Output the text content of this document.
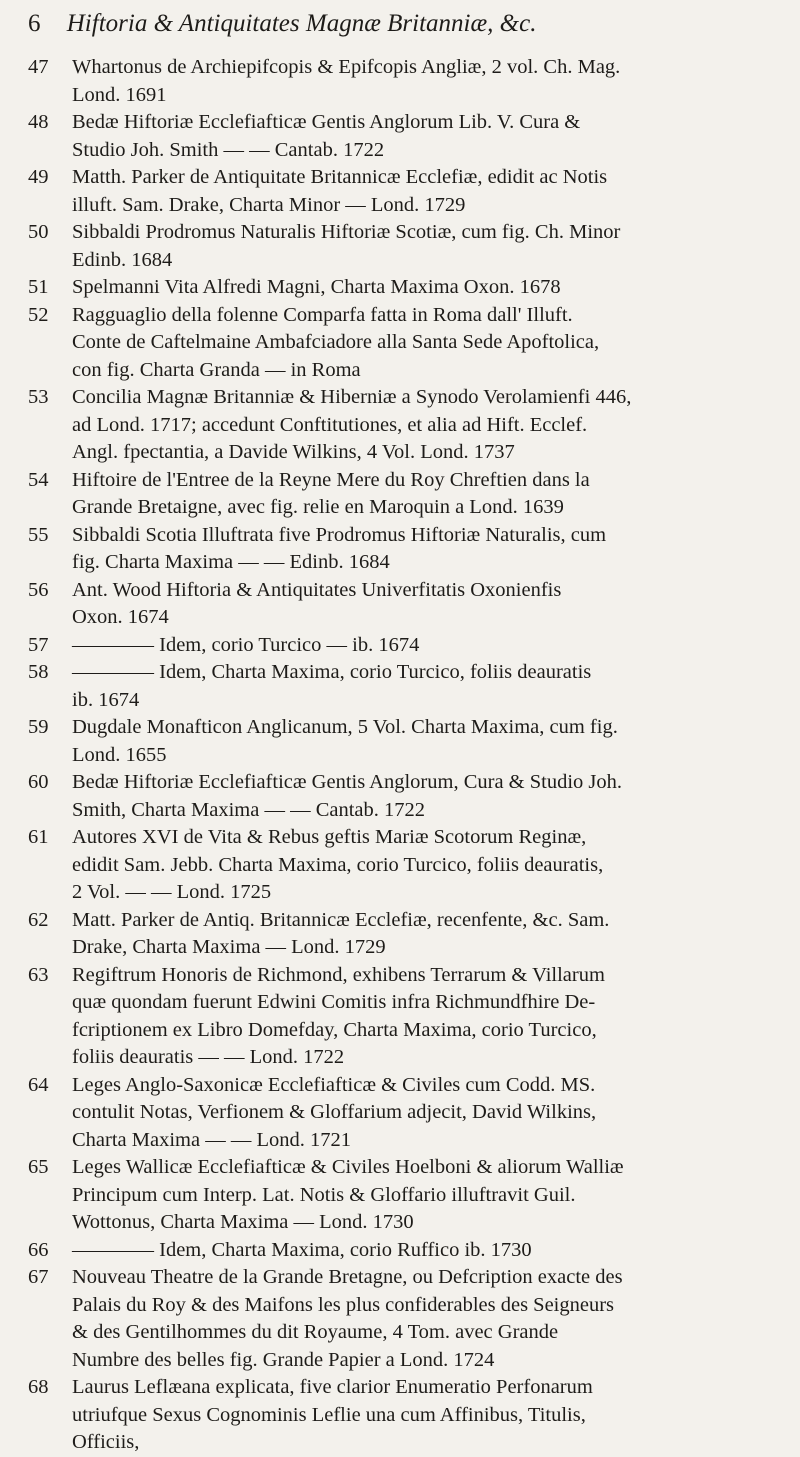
6 Hiftoria & Antiquitates Magnæ Britanniæ, &c.
47	Whartonus de Archiepifcopis & Epifcopis Angliæ, 2 vol. Ch. Mag.
Lond. 1691
48	Bedæ Hiftoriæ Ecclefiafticæ Gentis Anglorum Lib. V. Cura &
Studio Joh. Smith — — Cantab. 1722
49	Matth. Parker de Antiquitate Britannicæ Ecclefiæ, edidit ac Notis
illuft. Sam. Drake, Charta Minor — Lond. 1729
50	Sibbaldi Prodromus Naturalis Hiftoriæ Scotiæ, cum fig. Ch. Minor
Edinb. 1684
51	Spelmanni Vita Alfredi Magni, Charta Maxima Oxon. 1678
52	Ragguaglio della folenne Comparfa fatta in Roma dall' Illuft.
Conte de Caftelmaine Ambafciadore alla Santa Sede Apoftolica,
con fig. Charta Granda — in Roma
53	Concilia Magnæ Britanniæ & Hiberniæ a Synodo Verolamienfi 446,
ad Lond. 1717; accedunt Conftitutiones, et alia ad Hift. Ecclef.
Angl. fpectantia, a Davide Wilkins, 4 Vol. Lond. 1737
54	Hiftoire de l'Entree de la Reyne Mere du Roy Chreftien dans la
Grande Bretaigne, avec fig. relie en Maroquin a Lond. 1639
55	Sibbaldi Scotia Illuftrata five Prodromus Hiftoriæ Naturalis, cum
fig. Charta Maxima — — Edinb. 1684
56	Ant. Wood Hiftoria & Antiquitates Univerfitatis Oxonienfis
Oxon. 1674
57	———— Idem, corio Turcico — ib. 1674
58	———— Idem, Charta Maxima, corio Turcico, foliis deauratis
ib. 1674
59	Dugdale Monafticon Anglicanum, 5 Vol. Charta Maxima, cum fig.
Lond. 1655
60	Bedæ Hiftoriæ Ecclefiafticæ Gentis Anglorum, Cura & Studio Joh.
Smith, Charta Maxima — — Cantab. 1722
61	Autores XVI de Vita & Rebus geftis Mariæ Scotorum Reginæ,
edidit Sam. Jebb. Charta Maxima, corio Turcico, foliis deauratis,
2 Vol. — — Lond. 1725
62	Matt. Parker de Antiq. Britannicæ Ecclefiæ, recenfente, &c. Sam.
Drake, Charta Maxima — Lond. 1729
63	Regiftrum Honoris de Richmond, exhibens Terrarum & Villarum
quæ quondam fuerunt Edwini Comitis infra Richmundfhire De-
fcriptionem ex Libro Domefday, Charta Maxima, corio Turcico,
foliis deauratis — — Lond. 1722
64	Leges Anglo-Saxonicæ Ecclefiafticæ & Civiles cum Codd. MS.
contulit Notas, Verfionem & Gloffarium adjecit, David Wilkins,
Charta Maxima — — Lond. 1721
65	Leges Wallicæ Ecclefiafticæ & Civiles Hoelboni & aliorum Walliæ
Principum cum Interp. Lat. Notis & Gloffario illuftravit Guil.
Wottonus, Charta Maxima — Lond. 1730
66	———— Idem, Charta Maxima, corio Ruffico ib. 1730
67	Nouveau Theatre de la Grande Bretagne, ou Defcription exacte des
Palais du Roy & des Maifons les plus confiderables des Seigneurs
& des Gentilhommes du dit Royaume, 4 Tom. avec Grande
Numbre des belles fig. Grande Papier a Lond. 1724
68	Laurus Leflæana explicata, five clarior Enumeratio Perfonarum
utriufque Sexus Cognominis Leflie una cum Affinibus, Titulis,
Officiis,
